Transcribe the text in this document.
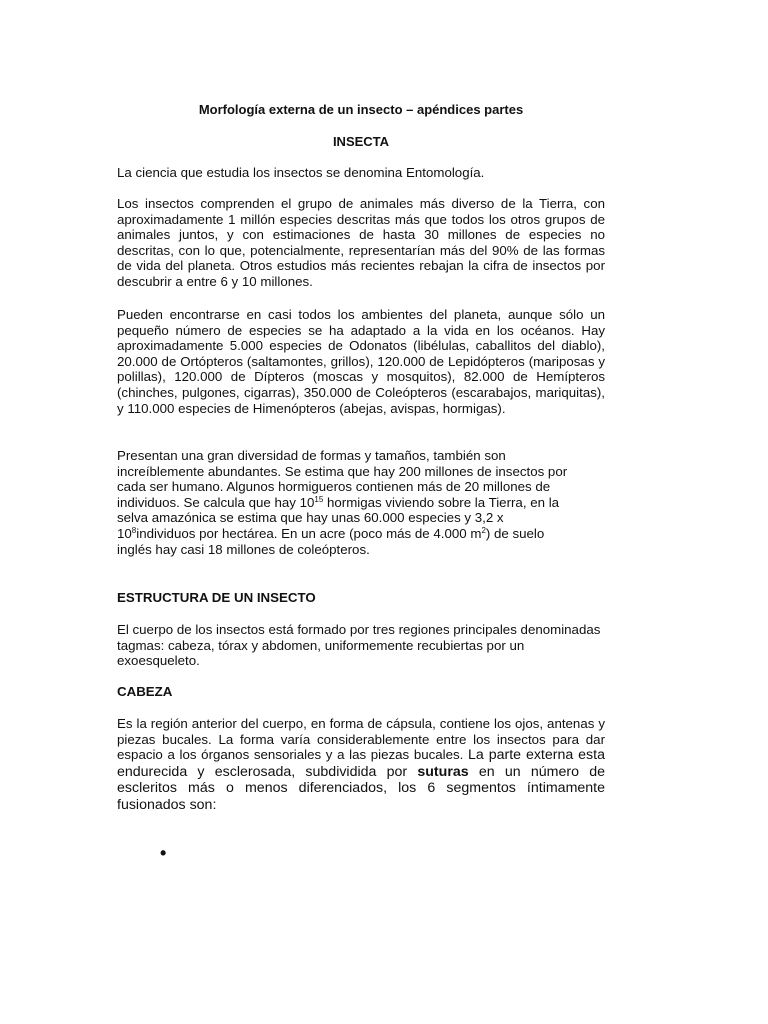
Morfología externa de un insecto – apéndices partes

INSECTA

La ciencia que estudia los insectos se denomina Entomología.

Los insectos comprenden el grupo de animales más diverso de la Tierra, con aproximadamente 1 millón especies descritas más que todos los otros grupos de animales juntos, y con estimaciones de hasta 30 millones de especies no descritas, con lo que, potencialmente, representarían más del 90% de las formas de vida del planeta. Otros estudios más recientes rebajan la cifra de insectos por descubrir a entre 6 y 10 millones.

Pueden encontrarse en casi todos los ambientes del planeta, aunque sólo un pequeño número de especies se ha adaptado a la vida en los océanos. Hay aproximadamente 5.000 especies de Odonatos (libélulas, caballitos del diablo), 20.000 de Ortópteros (saltamontes, grillos), 120.000 de Lepidópteros (mariposas y polillas), 120.000 de Dípteros (moscas y mosquitos), 82.000 de Hemípteros (chinches, pulgones, cigarras), 350.000 de Coleópteros (escarabajos, mariquitas), y 110.000 especies de Himenópteros (abejas, avispas, hormigas).

Presentan una gran diversidad de formas y tamaños, también son
increíblemente abundantes. Se estima que hay 200 millones de insectos por
cada ser humano. Algunos hormigueros contienen más de 20 millones de
individuos. Se calcula que hay $10^{15}$ hormigas viviendo sobre la Tierra, en la
selva amazónica se estima que hay unas 60.000 especies y 3,2 x
$10^8individuos$ por hectárea. En un acre (poco más de 4.000 $m^2$) de suelo
inglés hay casi 18 millones de coleópteros.

ESTRUCTURA DE UN INSECTO

El cuerpo de los insectos está formado por tres regiones principales denominadas tagmas: cabeza, tórax y abdomen, uniformemente recubiertas por un exoesqueleto.

CABEZA

Es la región anterior del cuerpo, en forma de cápsula, contiene los ojos, antenas y piezas bucales. La forma varía considerablemente entre los insectos para dar espacio a los órganos sensoriales y a las piezas bucales. La parte externa esta endurecida y esclerosada, subdividida por suturas en un número de escleritos más o menos diferenciados, los 6 segmentos íntimamente fusionados son:
•
